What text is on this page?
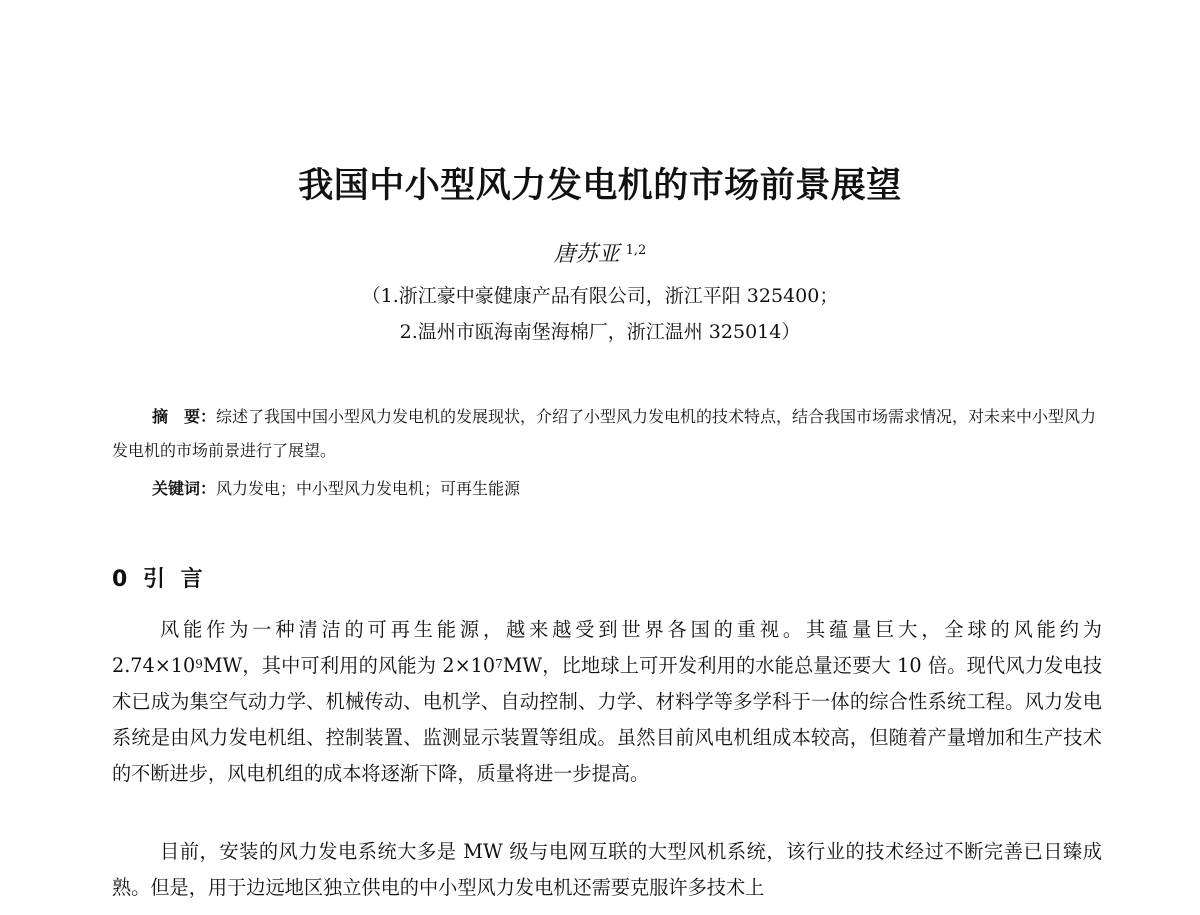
我国中小型风力发电机的市场前景展望
唐苏亚 $^{1,2}$
（1.浙江豪中豪健康产品有限公司，浙江平阳 325400；
2.温州市瓯海南堡海棉厂，浙江温州 325014）

摘　要：综述了我国中国小型风力发电机的发展现状，介绍了小型风力发电机的技术特点，结合我国市场需求情况，对未来中小型风力发电机的市场前景进行了展望。

关键词：风力发电；中小型风力发电机；可再生能源
0 引 言

风能作为一种清洁的可再生能源，越来越受到世界各国的重视。其蕴量巨大，全球的风能约为 $2.74\times 10^9MW$，其中可利用的风能为 $2\times 10^7MW$，比地球上可开发利用的水能总量还要大 10 倍。现代风力发电技术已成为集空气动力学、机械传动、电机学、自动控制、力学、材料学等多学科于一体的综合性系统工程。风力发电系统是由风力发电机组、控制装置、监测显示装置等组成。虽然目前风电机组成本较高，但随着产量增加和生产技术的不断进步，风电机组的成本将逐渐下降，质量将进一步提高。

目前，安装的风力发电系统大多是 MW 级与电网互联的大型风机系统，该行业的技术经过不断完善已日臻成熟。但是，用于边远地区独立供电的中小型风力发电机还需要克服许多技术上
